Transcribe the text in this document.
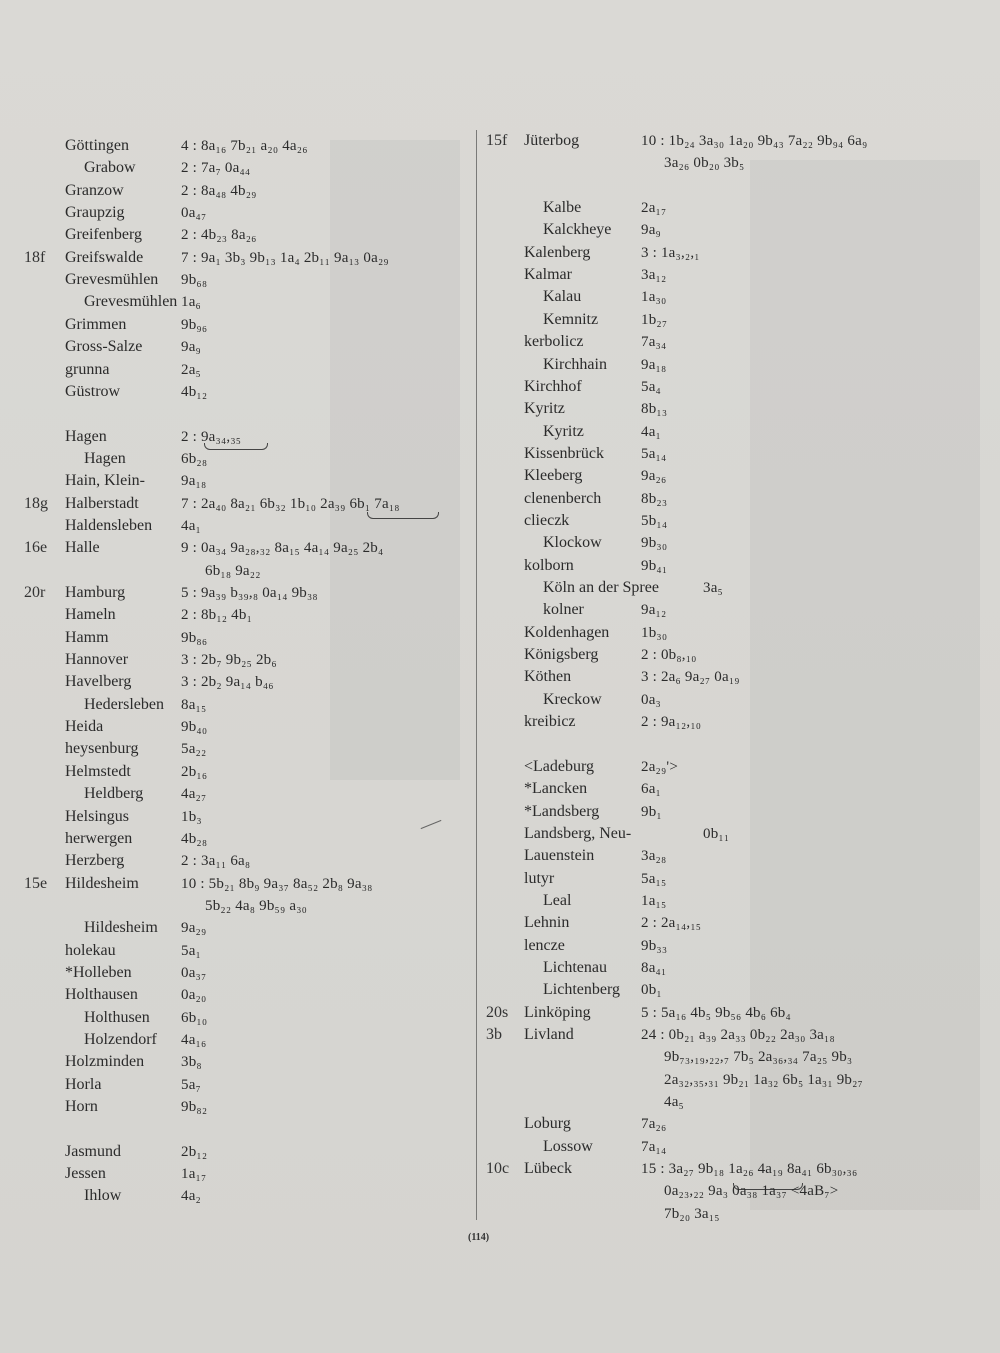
(114)
Göttingen	4 : 8a₁₆ 7b₂₁ a₂₀ 4a₂₆
Grabow	2 : 7a₇ 0a₄₄
Granzow	2 : 8a₄₈ 4b₂₉
Graupzig	0a₄₇
Greifenberg	2 : 4b₂₃ 8a₂₆
18f Greifswalde	7 : 9a₁ 3b₃ 9b₁₃ 1a₄ 2b₁₁ 9a₁₃ 0a₂₉
Grevesmühlen 9b₆₈
Grevesmühlen 1a₆
Grimmen	9b₉₆
Gross-Salze	9a₉
grunna	2a₅
Güstrow	4b₁₂
Hagen	2 : 9a₃₄,₃₅
Hagen	6b₂₈
Hain, Klein- 9a₁₈
18g Halberstadt	7 : 2a₄₀ 8a₂₁ 6b₃₂ 1b₁₀ 2a₃₉ 6b₁ 7a₁₈
Haldensleben 4a₁
16e Halle	9 : 0a₃₄ 9a₂₈,₃₂ 8a₁₅ 4a₁₄ 9a₂₅ 2b₄
6b₁₈ 9a₂₂
20r Hamburg	5 : 9a₃₉ b₃₉,₈ 0a₁₄ 9b₃₈
Hameln	2 : 8b₁₂ 4b₁
Hamm	9b₈₆
Hannover	3 : 2b₇ 9b₂₅ 2b₆
Havelberg	3 : 2b₂ 9a₁₄ b₄₆
Hedersleben 8a₁₅
Heida	9b₄₀
heysenburg	5a₂₂
Helmstedt	2b₁₆
Heldberg	4a₂₇
Helsingus	1b₃
herwergen	4b₂₈
Herzberg	2 : 3a₁₁ 6a₈
15e Hildesheim	10 : 5b₂₁ 8b₉ 9a₃₇ 8a₅₂ 2b₈ 9a₃₈
5b₂₂ 4a₈ 9b₅₉ a₃₀
Hildesheim 9a₂₉
holekau	5a₁
*Holleben	0a₃₇
Holthausen	0a₂₀
Holthusen 6b₁₀
Holzendorf 4a₁₆
Holzminden 3b₈
Horla	5a₇
Horn	9b₈₂
Jasmund	2b₁₂
Jessen	1a₁₇
Ihlow	4a₂
15f Jüterbog	10 : 1b₂₄ 3a₃₀ 1a₂₀ 9b₄₃ 7a₂₂ 9b₉₄ 6a₉
3a₂₆ 0b₂₀ 3b₅
Kalbe	2a₁₇
Kalckheye 9a₉
Kalenberg	3 : 1a₃,₂,₁
Kalmar	3a₁₂
Kalau	1a₃₀
Kemnitz	1b₂₇
kerbolicz	7a₃₄
Kirchhain 9a₁₈
Kirchhof	5a₄
Kyritz	8b₁₃
Kyritz	4a₁
Kissenbrück 5a₁₄
Kleeberg	9a₂₆
clenenberch	8b₂₃
clieczk	5b₁₄
Klockow	9b₃₀
kolborn	9b₄₁
Köln an der Spree	3a₅
kolner	9a₁₂
Koldenhagen 1b₃₀
Königsberg	2 : 0b₈,₁₀
Köthen	3 : 2a₆ 9a₂₇ 0a₁₉
Kreckow	0a₃
kreibicz	2 : 9a₁₂,₁₀
<Ladeburg	2a₂₉'>
*Lancken	6a₁
*Landsberg	9b₁
Landsberg, Neu-	0b₁₁
Lauenstein	3a₂₈
lutyr	5a₁₅
Leal	1a₁₅
Lehnin	2 : 2a₁₄,₁₅
lencze	9b₃₃
Lichtenau 8a₄₁
Lichtenberg 0b₁
20s Linköping	5 : 5a₁₆ 4b₅ 9b₅₆ 4b₆ 6b₄
3b Livland	24 : 0b₂₁ a₃₉ 2a₃₃ 0b₂₂ 2a₃₀ 3a₁₈
9b₇₃,₁₉,₂₂,₇ 7b₅ 2a₃₆,₃₄ 7a₂₅ 9b₃
2a₃₂,₃₅,₃₁ 9b₂₁ 1a₃₂ 6b₅ 1a₃₁ 9b₂₇
4a₅
Loburg	7a₂₆
Lossow	7a₁₄
10c Lübeck	15 : 3a₂₇ 9b₁₈ 1a₂₆ 4a₁₉ 8a₄₁ 6b₃₀,₃₆
0a₂₃,₂₂ 9a₃ 0a₃₈ 1a₃₇ <4aB₇>
7b₂₀ 3a₁₅
